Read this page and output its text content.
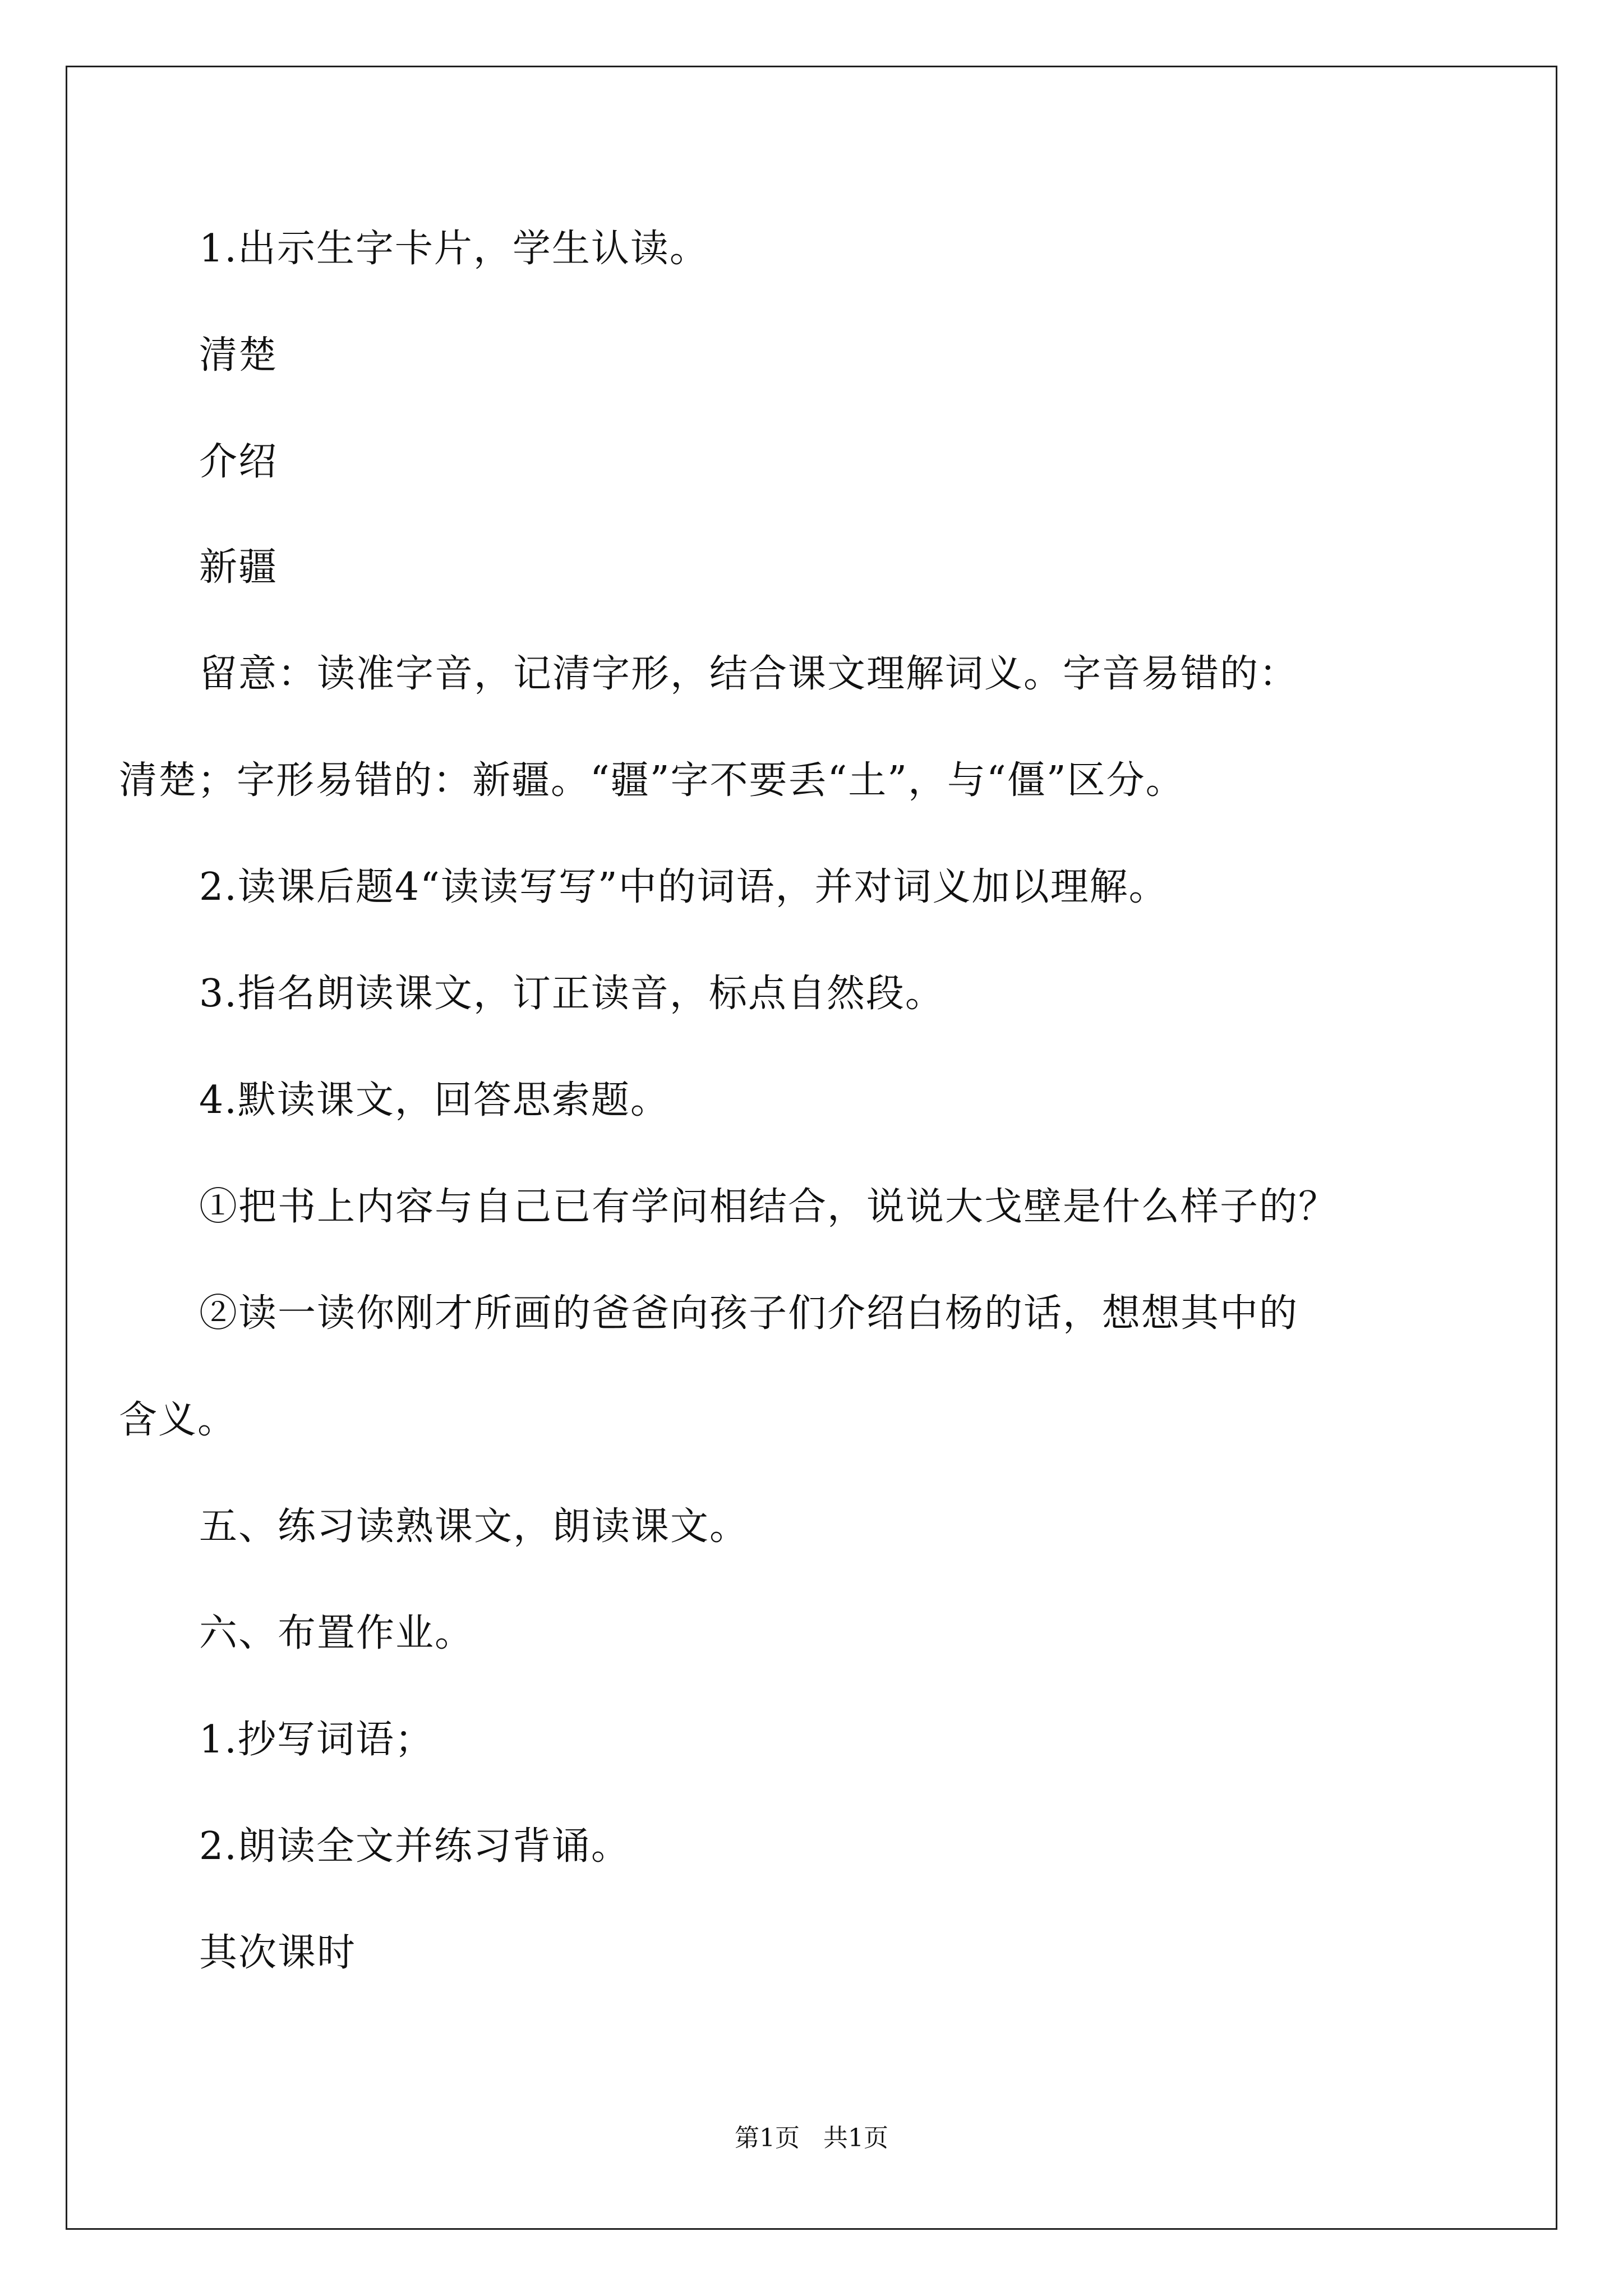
1.出示生字卡片，学生认读。
清楚
介绍
新疆
留意：读准字音，记清字形，结合课文理解词义。字音易错的：
清楚；字形易错的：新疆。“疆”字不要丢“土”，与“僵”区分。
2.读课后题4“读读写写”中的词语，并对词义加以理解。
3.指名朗读课文，订正读音，标点自然段。
4.默读课文，回答思索题。
①把书上内容与自己已有学问相结合，说说大戈壁是什么样子的？
②读一读你刚才所画的爸爸向孩子们介绍白杨的话，想想其中的
含义。
五、练习读熟课文，朗读课文。
六、布置作业。
1.抄写词语；
2.朗读全文并练习背诵。
其次课时
第1页   共1页
